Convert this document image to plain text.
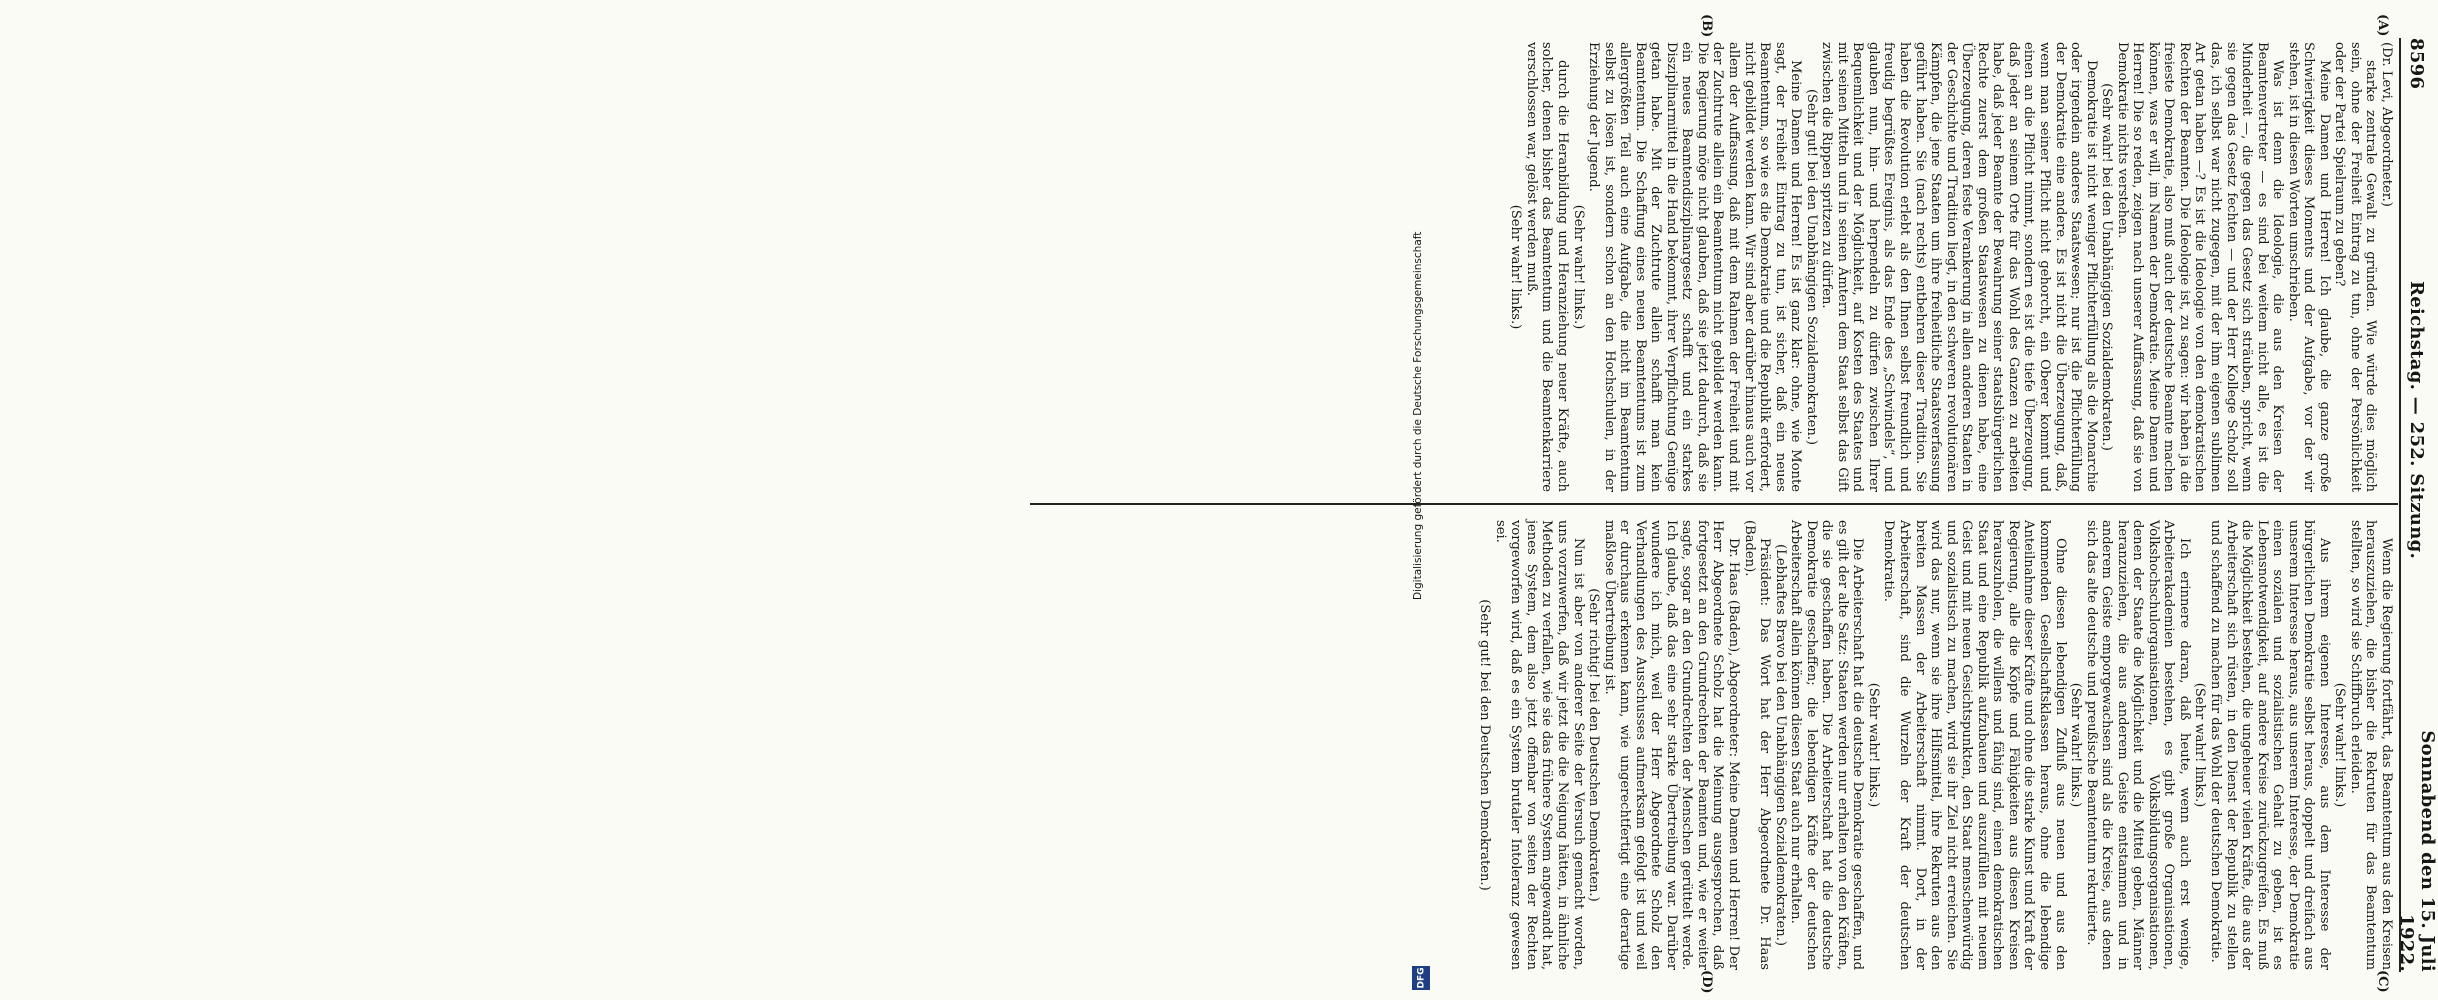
8596
Reichstag. — 252. Sitzung.
Sonnabend den 15. Juli 1922.
(A)
(B)
(C)
(D)

(Dr. Levi, Abgeordneter.)

starke zentrale Gewalt zu gründen. Wie würde dies möglich sein, ohne der Freiheit Eintrag zu tun, ohne der Persönlichkeit oder der Partei Spielraum zu geben?

Meine Damen und Herren! Ich glaube, die ganze große Schwierigkeit dieses Moments und der Aufgabe, vor der wir stehen, ist in diesen Worten umschrieben.

Was ist denn die Ideologie, die aus den Kreisen der Beamtenvertreter — es sind bei weitem nicht alle, es ist die Minderheit —, die gegen das Gesetz sich sträuben, spricht, wenn sie gegen das Gesetz fechten — und der Herr Kollege Scholz soll das, ich selbst war nicht zugegen, mit der ihm eigenen sublimen Art getan haben —? Es ist die Ideologie von den demokratischen Rechten der Beamten. Die Ideologie ist, zu sagen: wir haben ja die freieste Demokratie, also muß auch der deutsche Beamte machen können, was er will, im Namen der Demokratie. Meine Damen und Herren! Die so reden, zeigen nach unserer Auffassung, daß sie von Demokratie nichts verstehen.

(Sehr wahr! bei den Unabhängigen Sozialdemokraten.)

Demokratie ist nicht weniger Pflichterfüllung als die Monarchie oder irgendein anderes Staatswesen; nur ist die Pflichterfüllung der Demokratie eine andere. Es ist nicht die Überzeugung, daß, wenn man seiner Pflicht nicht gehorcht, ein Oberer kommt und einen an die Pflicht nimmt, sondern es ist die tiefe Überzeugung, daß jeder an seinem Orte für das Wohl des Ganzen zu arbeiten habe, daß jeder Beamte der Bewahrung seiner staatsbürgerlichen Rechte zuerst dem großen Staatswesen zu dienen habe, eine Überzeugung, deren feste Verankerung in allen anderen Staaten in der Geschichte und Tradition liegt, in den schweren revolutionären Kämpfen, die jene Staaten um ihre freiheitliche Staatsverfassung geführt haben. Sie (nach rechts) entbehren dieser Tradition. Sie haben die Revolution erlebt als den Ihnen selbst freundlich und freudig begrüßtes Ereignis, als das Ende des „Schwindels“, und glauben nun, hin- und herpendeln zu dürfen zwischen Ihrer Bequemlichkeit und der Möglichkeit, auf Kosten des Staates und mit seinen Mitteln und in seinen Ämtern dem Staat selbst das Gift zwischen die Rippen spritzen zu dürfen.

(Sehr gut! bei den Unabhängigen Sozialdemokraten.)

Meine Damen und Herren! Es ist ganz klar: ohne, wie Monte sagt, der Freiheit Eintrag zu tun, ist sicher, daß ein neues Beamtentum, so wie es die Demokratie und die Republik erfordert, nicht gebildet werden kann. Wir sind aber darüber hinaus auch vor allem der Auffassung, daß mit dem Rahmen der Freiheit und mit der Zuchtrute allein ein Beamtentum nicht gebildet werden kann. Die Regierung möge nicht glauben, daß sie jetzt dadurch, daß sie ein neues Beamtendisziplinargesetz schafft und ein starkes Disziplinarmittel in die Hand bekommt, ihrer Verpflichtung Genüge getan habe. Mit der Zuchtrute allein schafft man kein Beamtentum. Die Schaffung eines neuen Beamtentums ist zum allergrößten Teil auch eine Aufgabe, die nicht im Beamtentum selbst zu lösen ist, sondern schon an den Hochschulen, in der Erziehung der Jugend.

(Sehr wahr! links.)

durch die Heranbildung und Heranziehung neuer Kräfte, auch solcher, denen bisher das Beamtentum und die Beamtenkarriere verschlossen war, gelöst werden muß.

(Sehr wahr! links.)

Wenn die Regierung fortfährt, das Beamtentum aus den Kreisen herauszuziehen, die bisher die Rekruten für das Beamtentum stellten, so wird sie Schiffbruch erleiden.

(Sehr wahr! links.)

Aus ihrem eigenen Interesse, aus dem Interesse der bürgerlichen Demokratie selbst heraus, doppelt und dreifach aus unserem Interesse heraus, aus unserem Interesse, der Demokratie einen sozialen und sozialistischen Gehalt zu geben, ist es Lebensnotwendigkeit, auf andere Kreise zurückzugreifen. Es muß die Möglichkeit bestehen, die ungeheuer vielen Kräfte, die aus der Arbeiterschaft sich rüsten, in den Dienst der Republik zu stellen und schaffend zu machen für das Wohl der deutschen Demokratie.

(Sehr wahr! links.)

Ich erinnere daran, daß heute, wenn auch erst wenige, Arbeiterakademien bestehen, es gibt große Organisationen, Volkshochschulorganisationen, Volksbildungsorganisationen, denen der Staate die Möglichkeit und die Mittel geben, Männer heranzuziehen, die aus anderem Geiste entstammen und in anderem Geiste emporgewachsen sind als die Kreise, aus denen sich das alte deutsche und preußische Beamtentum rekrutierte.

(Sehr wahr! links.)

Ohne diesen lebendigen Zufluß aus neuen und aus den kommenden Gesellschaftsklassen heraus, ohne die lebendige Anteilnahme dieser Kräfte und ohne die starke Kunst und Kraft der Regierung, alle die Köpfe und Fähigkeiten aus diesen Kreisen herauszuholen, die willens und fähig sind, einen demokratischen Staat und eine Republik aufzubauen und auszufüllen mit neuem Geist und mit neuen Gesichtspunkten, den Staat menschenwürdig und sozialistisch zu machen, wird sie ihr Ziel nicht erreichen. Sie wird das nur, wenn sie ihre Hilfsmittel, ihre Rekruten aus den breiten Massen der Arbeiterschaft nimmt. Dort, in der Arbeiterschaft, sind die Wurzeln der Kraft der deutschen Demokratie.

(Sehr wahr! links.)

Die Arbeiterschaft hat die deutsche Demokratie geschaffen, und es gilt der alte Satz: Staaten werden nur erhalten von den Kräften, die sie geschaffen haben. Die Arbeiterschaft hat die deutsche Demokratie geschaffen; die lebendigen Kräfte der deutschen Arbeiterschaft allein können diesen Staat auch nur erhalten.

(Lebhaftes Bravo bei den Unabhängigen Sozialdemokraten.)

Präsident: Das Wort hat der Herr Abgeordnete Dr. Haas (Baden).

Dr. Haas (Baden), Abgeordneter: Meine Damen und Herren! Der Herr Abgeordnete Scholz hat die Meinung ausgesprochen, daß fortgesetzt an den Grundrechten der Beamten und, wie er weiter sagte, sogar an den Grundrechten der Menschen gerüttelt werde. Ich glaube, daß das eine sehr starke Übertreibung war. Darüber wundere ich mich, weil der Herr Abgeordnete Scholz den Verhandlungen des Ausschusses aufmerksam gefolgt ist und weil er durchaus erkennen kann, wie ungerechtfertigt eine derartige maßlose Übertreibung ist.

(Sehr richtig! bei den Deutschen Demokraten.)

Nun ist aber von anderer Seite der Versuch gemacht worden, uns vorzuwerfen, daß wir jetzt die die Neigung hätten, in ähnliche Methoden zu verfallen, wie sie das frühere System angewandt hat, jenes System, dem also jetzt offenbar von seiten der Rechten vorgeworfen wird, daß es ein System brutaler Intoleranz gewesen sei.

(Sehr gut! bei den Deutschen Demokraten.)

Digitalisierung gefördert durch die Deutsche Forschungsgemeinschaft
DFG
